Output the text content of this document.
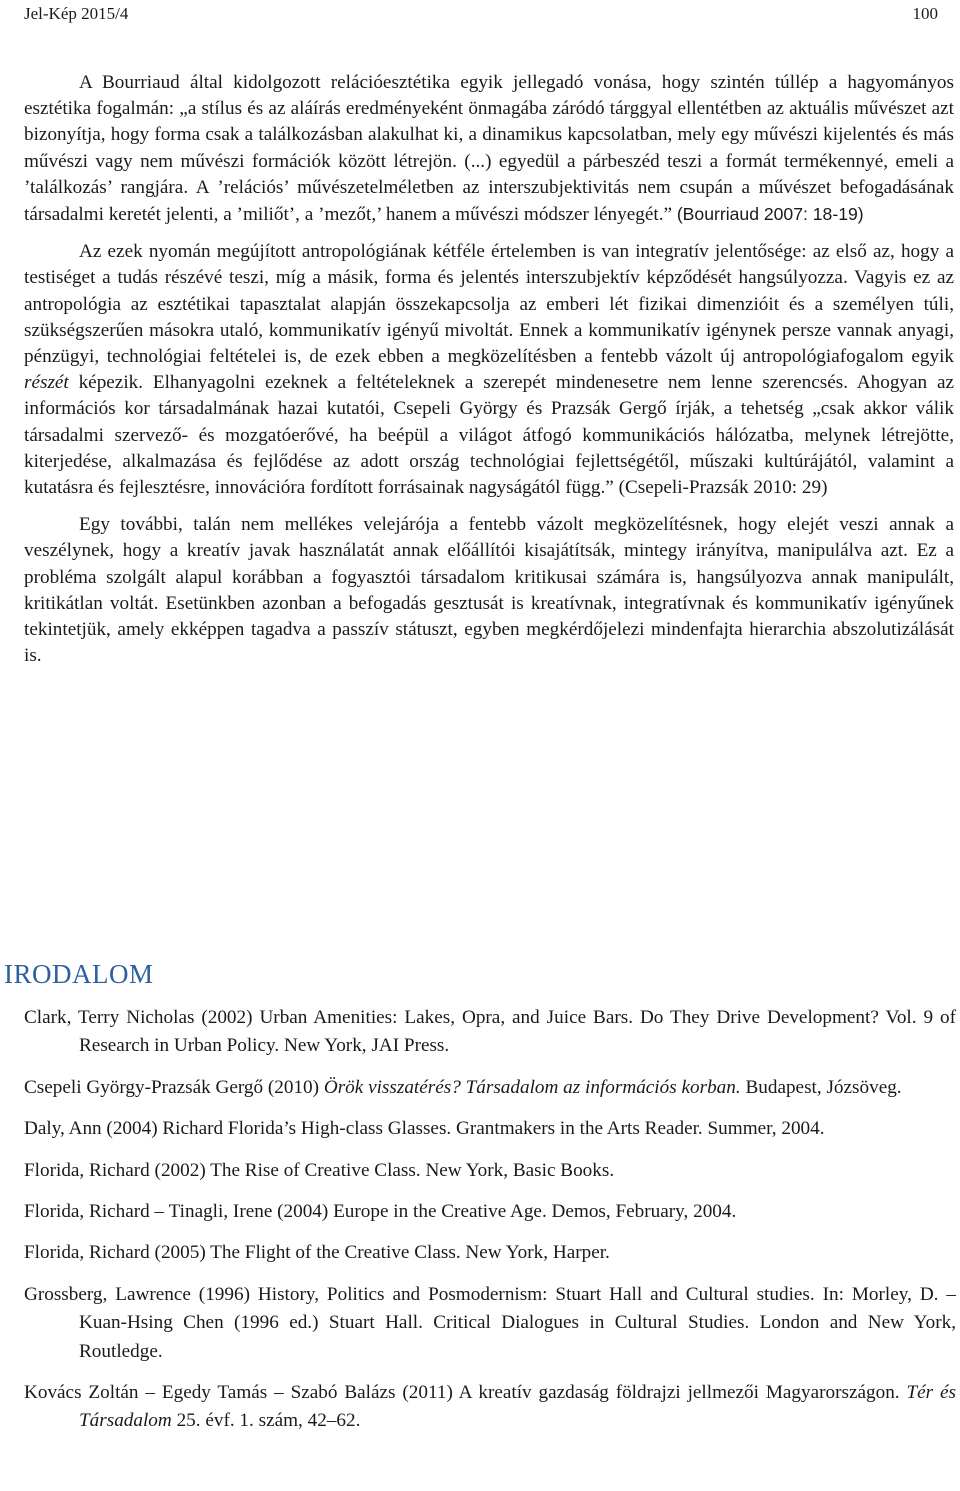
Jel-Kép 2015/4	100

A Bourriaud által kidolgozott relációesztétika egyik jellegadó vonása, hogy szintén túllép a hagyományos esztétika fogalmán: „a stílus és az aláírás eredményeként önmagába záródó tárggyal ellentétben az aktuális művészet azt bizonyítja, hogy forma csak a találkozásban alakulhat ki, a dinamikus kapcsolatban, mely egy művészi kijelentés és más művészi vagy nem művészi formációk között létrejön. (...) egyedül a párbeszéd teszi a formát termékennyé, emeli a ’találkozás’ rangjára. A ’relációs’ művészetelméletben az interszubjektivitás nem csupán a művészet befogadásának társadalmi keretét jelenti, a ’miliőt’, a ’mezőt,’ hanem a művészi módszer lényegét.” (Bourriaud 2007: 18-19)

Az ezek nyomán megújított antropológiának kétféle értelemben is van integratív jelentősége: az első az, hogy a testiséget a tudás részévé teszi, míg a másik, forma és jelentés interszubjektív képződését hangsúlyozza. Vagyis ez az antropológia az esztétikai tapasztalat alapján összekapcsolja az emberi lét fizikai dimenzióit és a személyen túli, szükségszerűen másokra utaló, kommunikatív igényű mivoltát. Ennek a kommunikatív igénynek persze vannak anyagi, pénzügyi, technológiai feltételei is, de ezek ebben a megközelítésben a fentebb vázolt új antropológiafogalom egyik részét képezik. Elhanyagolni ezeknek a feltételeknek a szerepét mindenesetre nem lenne szerencsés. Ahogyan az információs kor társadalmának hazai kutatói, Csepeli György és Prazsák Gergő írják, a tehetség „csak akkor válik társadalmi szervező- és mozgatóerővé, ha beépül a világot átfogó kommunikációs hálózatba, melynek létrejötte, kiterjedése, alkalmazása és fejlődése az adott ország technológiai fejlettségétől, műszaki kultúrájától, valamint a kutatásra és fejlesztésre, innovációra fordított forrásainak nagyságától függ.” (Csepeli-Prazsák 2010: 29)

Egy további, talán nem mellékes velejárója a fentebb vázolt megközelítésnek, hogy elejét veszi annak a veszélynek, hogy a kreatív javak használatát annak előállítói kisajátítsák, mintegy irányítva, manipulálva azt. Ez a probléma szolgált alapul korábban a fogyasztói társadalom kritikusai számára is, hangsúlyozva annak manipulált, kritikátlan voltát. Esetünkben azonban a befogadás gesztusát is kreatívnak, integratívnak és kommunikatív igényűnek tekintetjük, amely ekképpen tagadva a passzív státuszt, egyben megkérdőjelezi mindenfajta hierarchia abszolutizálását is.

IRODALOM
Clark, Terry Nicholas (2002) Urban Amenities: Lakes, Opra, and Juice Bars. Do They Drive Development? Vol. 9 of Research in Urban Policy. New York, JAI Press.
Csepeli György-Prazsák Gergő (2010) Örök visszatérés? Társadalom az információs korban. Budapest, Józsöveg.
Daly, Ann (2004) Richard Florida’s High-class Glasses. Grantmakers in the Arts Reader. Summer, 2004.
Florida, Richard (2002) The Rise of Creative Class. New York, Basic Books.
Florida, Richard – Tinagli, Irene (2004) Europe in the Creative Age. Demos, February, 2004.
Florida, Richard (2005) The Flight of the Creative Class. New York, Harper.
Grossberg, Lawrence (1996) History, Politics and Posmodernism: Stuart Hall and Cultural studies. In: Morley, D. – Kuan-Hsing Chen (1996 ed.) Stuart Hall. Critical Dialogues in Cultural Studies. London and New York, Routledge.
Kovács Zoltán – Egedy Tamás – Szabó Balázs (2011) A kreatív gazdaság földrajzi jellmezői Magyarországon. Tér és Társadalom 25. évf. 1. szám, 42–62.
